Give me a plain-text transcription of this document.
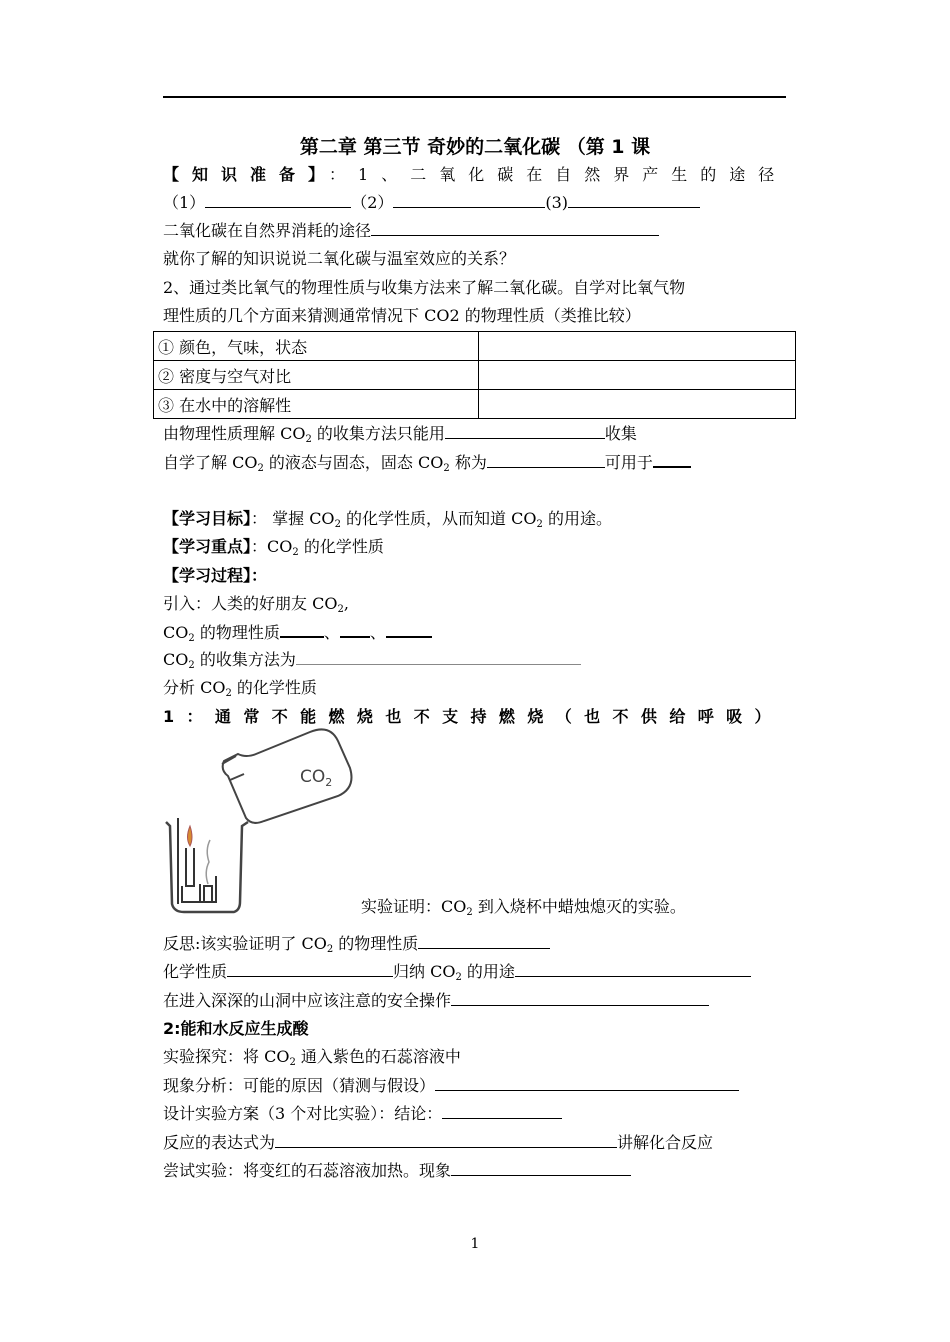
第二章 第三节 奇妙的二氧化碳 （第 1 课
【知识准备】：1、二氧化碳在自然界产生的途径
（1）	（2）	(3)
二氧化碳在自然界消耗的途径
就你了解的知识说说二氧化碳与温室效应的关系？
2、通过类比氧气的物理性质与收集方法来了解二氧化碳。自学对比氧气物
理性质的几个方面来猜测通常情况下 CO2 的物理性质（类推比较）
① 颜色，气味，状态	
② 密度与空气对比	
③ 在水中的溶解性	
由物理性质理解 $CO_2$ 的收集方法只能用	收集
自学了解 $CO_2$ 的液态与固态，固态 $CO_2$ 称为	可用于
【学习目标】： 掌握 $CO_2$ 的化学性质，从而知道 $CO_2$ 的用途。
【学习重点】：$CO_2$ 的化学性质
【学习过程】：
引入：人类的好朋友 $CO_2$,
$CO_2$ 的物理性质	、 、
$CO_2$ 的收集方法为
分析 $CO_2$ 的化学性质
1：通常不能燃烧也不支持燃烧（也不供给呼吸）
$CO_2$
实验证明：$CO_2$ 到入烧杯中蜡烛熄灭的实验。
反思:该实验证明了 $CO_2$ 的物理性质
化学性质	归纳 $CO_2$ 的用途
在进入深深的山洞中应该注意的安全操作
2:能和水反应生成酸
实验探究：将 $CO_2$ 通入紫色的石蕊溶液中
现象分析：可能的原因（猜测与假设）
设计实验方案（3 个对比实验）：结论：
反应的表达式为	讲解化合反应
尝试实验：将变红的石蕊溶液加热。现象
1
